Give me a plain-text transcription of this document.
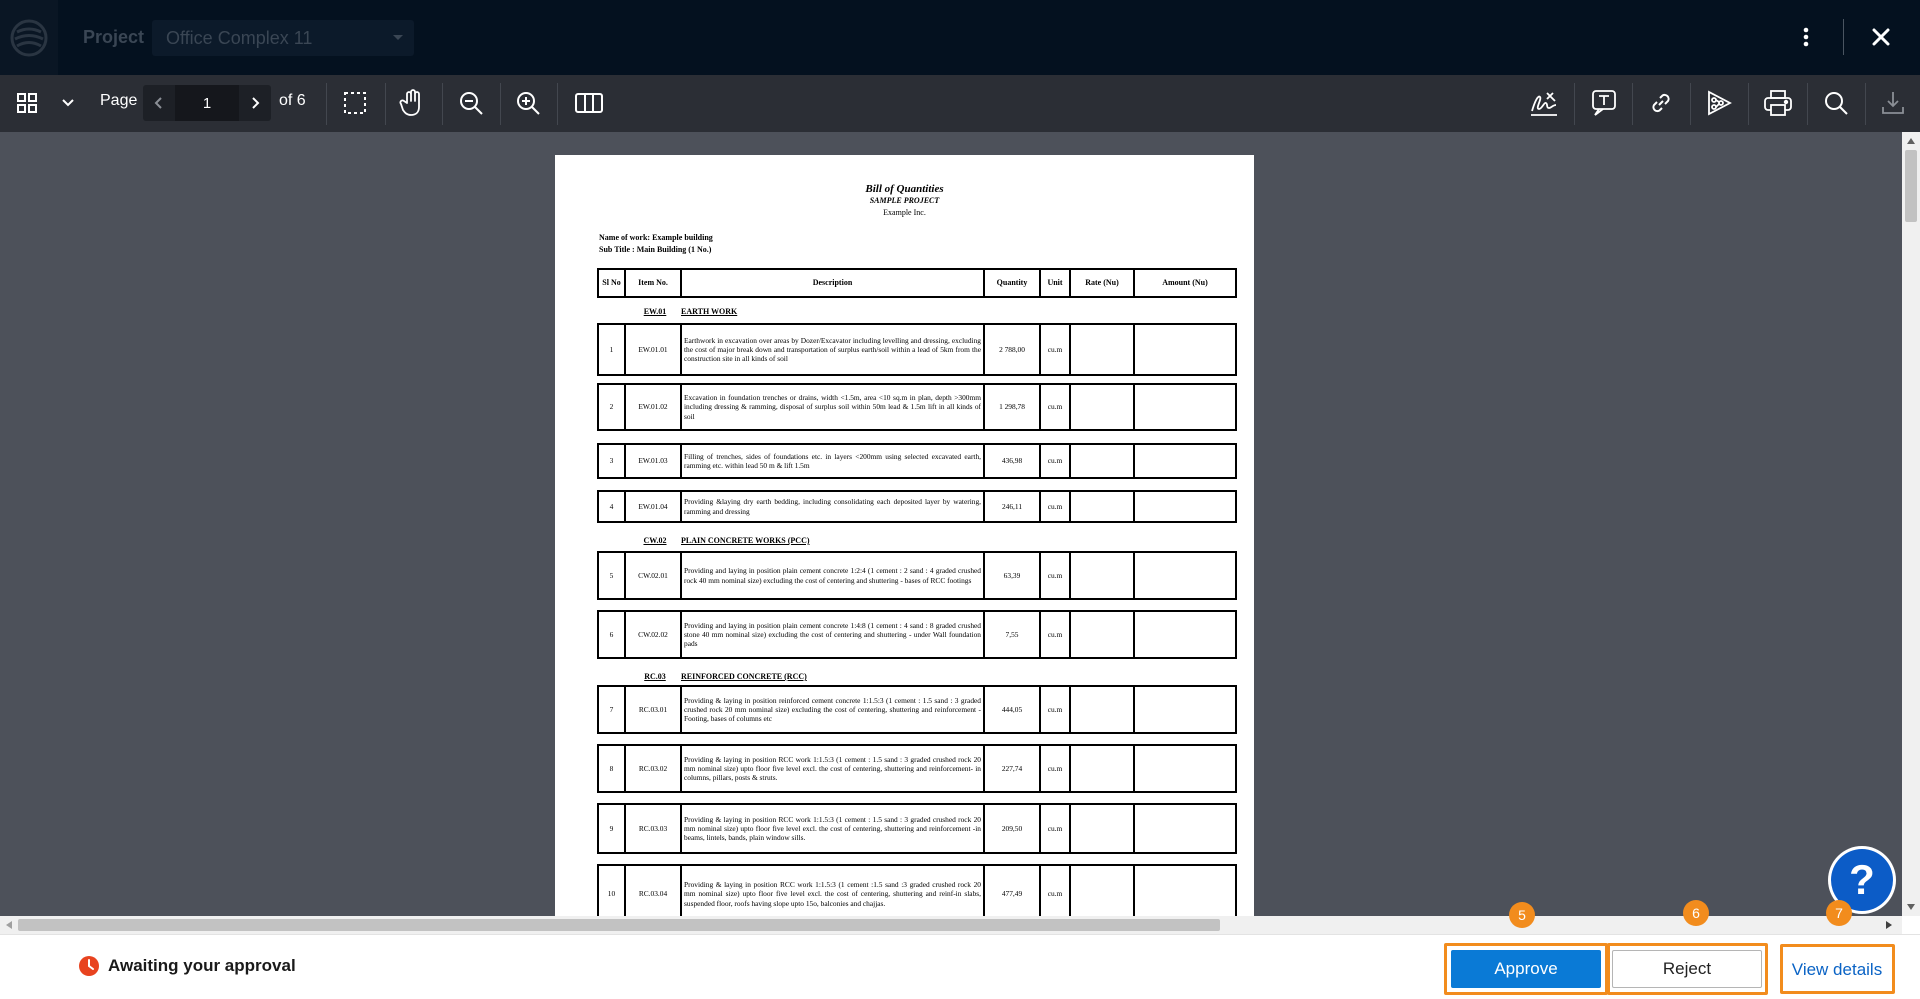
Project Office Complex 11
Page	1	of 6
Bill of Quantities
SAMPLE PROJECT
Example Inc.
Name of work: Example building
Sub Title : Main Building (1 No.)
Sl No	Item No.	Description	Quantity	Unit	Rate (Nu)	Amount (Nu)
EW.01	EARTH WORK
1	EW.01.01	Earthwork in excavation over areas by Dozer/Excavator including levelling and dressing, excluding the cost of major break down and transportation of surplus earth/soil within a lead of 5km from the construction site in all kinds of soil	2 788,00	cu.m		
2	EW.01.02	Excavation in foundation trenches or drains, width <1.5m, area <10 sq.m in plan, depth >300mm including dressing & ramming, disposal of surplus soil within 50m lead & 1.5m lift in all kinds of soil	1 298,78	cu.m		
3	EW.01.03	Filling of trenches, sides of foundations etc. in layers <200mm using selected excavated earth, ramming etc. within lead 50 m & lift 1.5m	436,98	cu.m		
4	EW.01.04	Providing &laying dry earth bedding, including consolidating each deposited layer by watering, ramming and dressing	246,11	cu.m		
CW.02	PLAIN CONCRETE WORKS (PCC)
5	CW.02.01	Providing and laying in position plain cement concrete 1:2:4 (1 cement : 2 sand : 4 graded crushed rock 40 mm nominal size) excluding the cost of centering and shuttering - bases of RCC footings	63,39	cu.m		
6	CW.02.02	Providing and laying in position plain cement concrete 1:4:8 (1 cement : 4 sand : 8 graded crushed stone 40 mm nominal size) excluding the cost of centering and shuttering - under Wall foundation pads	7,55	cu.m		
RC.03	REINFORCED CONCRETE (RCC)
7	RC.03.01	Providing & laying in position reinforced cement concrete 1:1.5:3 (1 cement : 1.5 sand : 3 graded crushed rock 20 mm nominal size) excluding the cost of centering, shuttering and reinforcement - Footing, bases of columns etc	444,05	cu.m		
8	RC.03.02	Providing & laying in position RCC work 1:1.5:3 (1 cement : 1.5 sand : 3 graded crushed rock 20 mm nominal size) upto floor five level excl. the cost of centering, shuttering and reinforcement- in columns, pillars, posts & struts.	227,74	cu.m		
9	RC.03.03	Providing & laying in position RCC work 1:1.5:3 (1 cement : 1.5 sand : 3 graded crushed rock 20 mm nominal size) upto floor five level excl. the cost of centering, shuttering and reinforcement -in beams, lintels, bands, plain window sills.	209,50	cu.m		
10	RC.03.04	Providing & laying in position RCC work 1:1.5:3 (1 cement :1.5 sand :3 graded crushed rock 20 mm nominal size) upto floor five level excl. the cost of centering, shuttering and reinf-in slabs, suspended floor, roofs having slope upto 15o, balconies and chajjas.	477,49	cu.m			?
Awaiting your approval	Approve
5
Reject
6
View details
7
